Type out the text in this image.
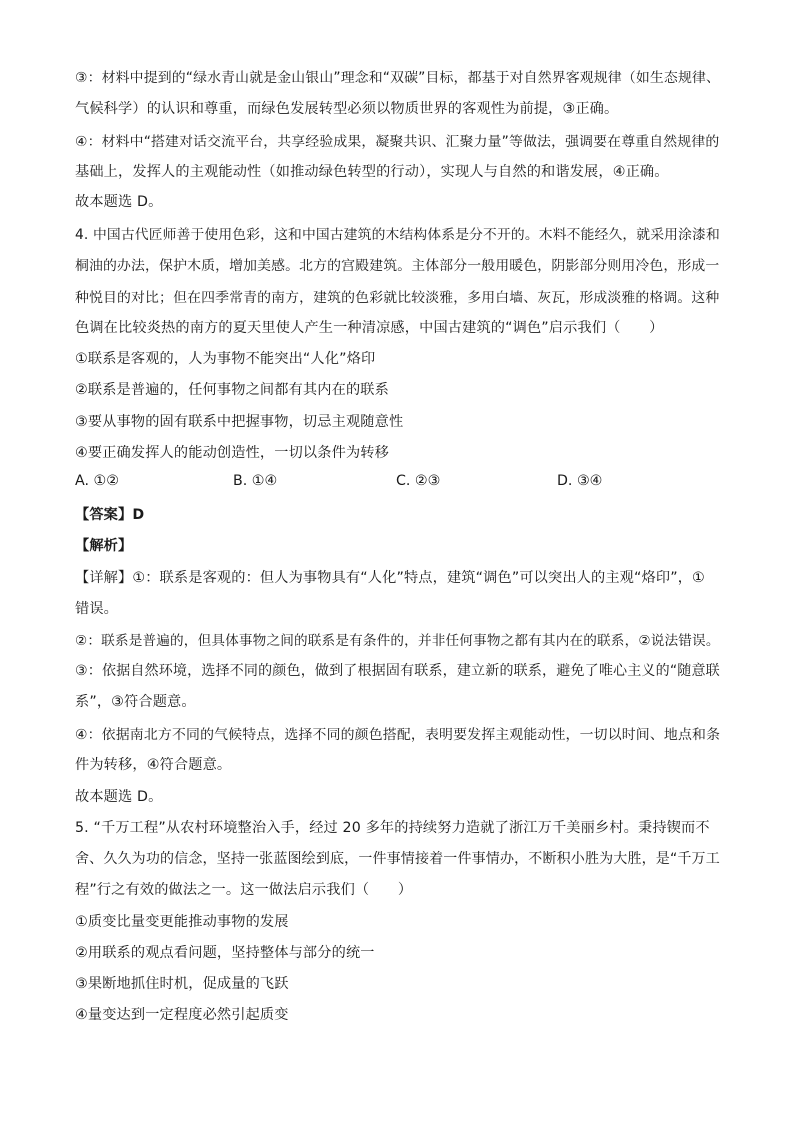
③：材料中提到的“绿水青山就是金山银山”理念和“双碳”目标，都基于对自然界客观规律（如生态规律、
气候科学）的认识和尊重，而绿色发展转型必须以物质世界的客观性为前提，③正确。
④：材料中“搭建对话交流平台，共享经验成果，凝聚共识、汇聚力量”等做法，强调要在尊重自然规律的
基础上，发挥人的主观能动性（如推动绿色转型的行动），实现人与自然的和谐发展，④正确。
故本题选 D。
4. 中国古代匠师善于使用色彩，这和中国古建筑的木结构体系是分不开的。木料不能经久，就采用涂漆和
桐油的办法，保护木质，增加美感。北方的宫殿建筑。主体部分一般用暖色，阴影部分则用冷色，形成一
种悦目的对比；但在四季常青的南方，建筑的色彩就比较淡雅，多用白墙、灰瓦，形成淡雅的格调。这种
色调在比较炎热的南方的夏天里使人产生一种清凉感，中国古建筑的“调色”启示我们（　　）
①联系是客观的，人为事物不能突出“人化”烙印
②联系是普遍的，任何事物之间都有其内在的联系
③要从事物的固有联系中把握事物，切忌主观随意性
④要正确发挥人的能动创造性，一切以条件为转移
A. ①②	B. ①④	C. ②③	D. ③④
【答案】D
【解析】
【详解】①：联系是客观的：但人为事物具有“人化”特点，建筑“调色”可以突出人的主观“烙印”，①
错误。
②：联系是普遍的，但具体事物之间的联系是有条件的，并非任何事物之都有其内在的联系，②说法错误。
③：依据自然环境，选择不同的颜色，做到了根据固有联系，建立新的联系，避免了唯心主义的“随意联
系”，③符合题意。
④：依据南北方不同的气候特点，选择不同的颜色搭配，表明要发挥主观能动性，一切以时间、地点和条
件为转移，④符合题意。
故本题选 D。
5. “千万工程”从农村环境整治入手，经过 20 多年的持续努力造就了浙江万千美丽乡村。秉持锲而不
舍、久久为功的信念，坚持一张蓝图绘到底，一件事情接着一件事情办，不断积小胜为大胜，是“千万工
程”行之有效的做法之一。这一做法启示我们（　　）
①质变比量变更能推动事物的发展
②用联系的观点看问题，坚持整体与部分的统一
③果断地抓住时机，促成量的飞跃
④量变达到一定程度必然引起质变
